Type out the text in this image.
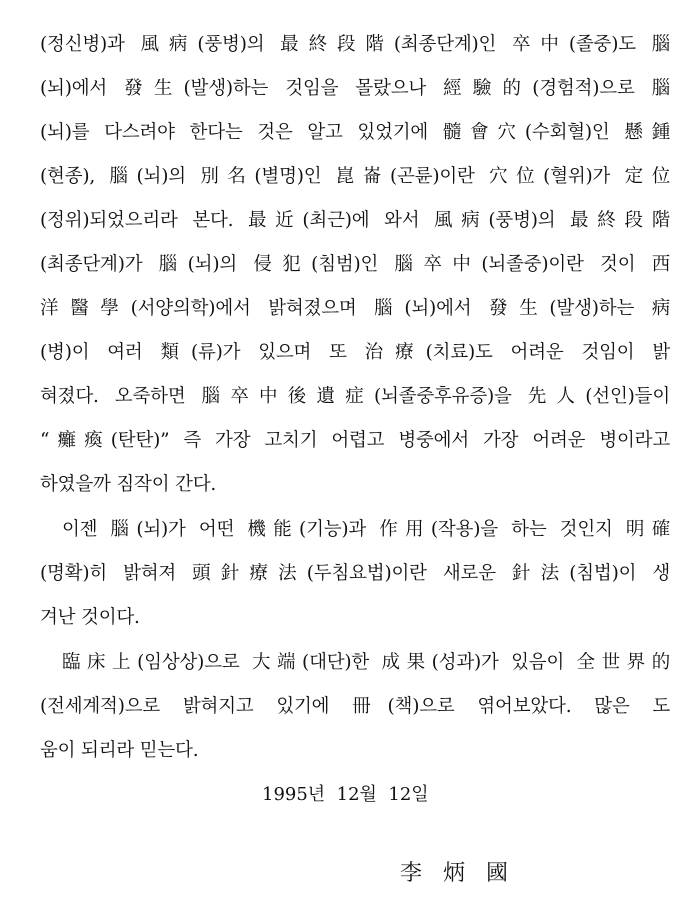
(정신병)과 風病(풍병)의 最終段階(최종단계)인 卒中(졸중)도 腦
(뇌)에서 發生(발생)하는 것임을 몰랐으나 經驗的(경험적)으로 腦
(뇌)를 다스려야 한다는 것은 알고 있었기에 髓會穴(수회혈)인 懸鍾
(현종), 腦(뇌)의 別名(별명)인 崑崙(곤륜)이란 穴位(혈위)가 定位
(정위)되었으리라 본다. 最近(최근)에 와서 風病(풍병)의 最終段階
(최종단계)가 腦(뇌)의 侵犯(침범)인 腦卒中(뇌졸중)이란 것이 西
洋醫學(서양의학)에서 밝혀졌으며 腦(뇌)에서 發生(발생)하는 病
(병)이 여러 類(류)가 있으며 또 治療(치료)도 어려운 것임이 밝
혀졌다. 오죽하면 腦卒中後遺症(뇌졸중후유증)을 先人(선인)들이
“癱瘓(탄탄)” 즉 가장 고치기 어렵고 병중에서 가장 어려운 병이라고
하였을까 짐작이 간다.
이젠 腦(뇌)가 어떤 機能(기능)과 作用(작용)을 하는 것인지 明確
(명확)히 밝혀져 頭針療法(두침요법)이란 새로운 針法(침법)이 생
겨난 것이다.
臨床上(임상상)으로 大端(대단)한 成果(성과)가 있음이 全世界的
(전세계적)으로 밝혀지고 있기에 冊(책)으로 엮어보았다. 많은 도
움이 되리라 믿는다.
1995년  12월  12일
李   炳   國
